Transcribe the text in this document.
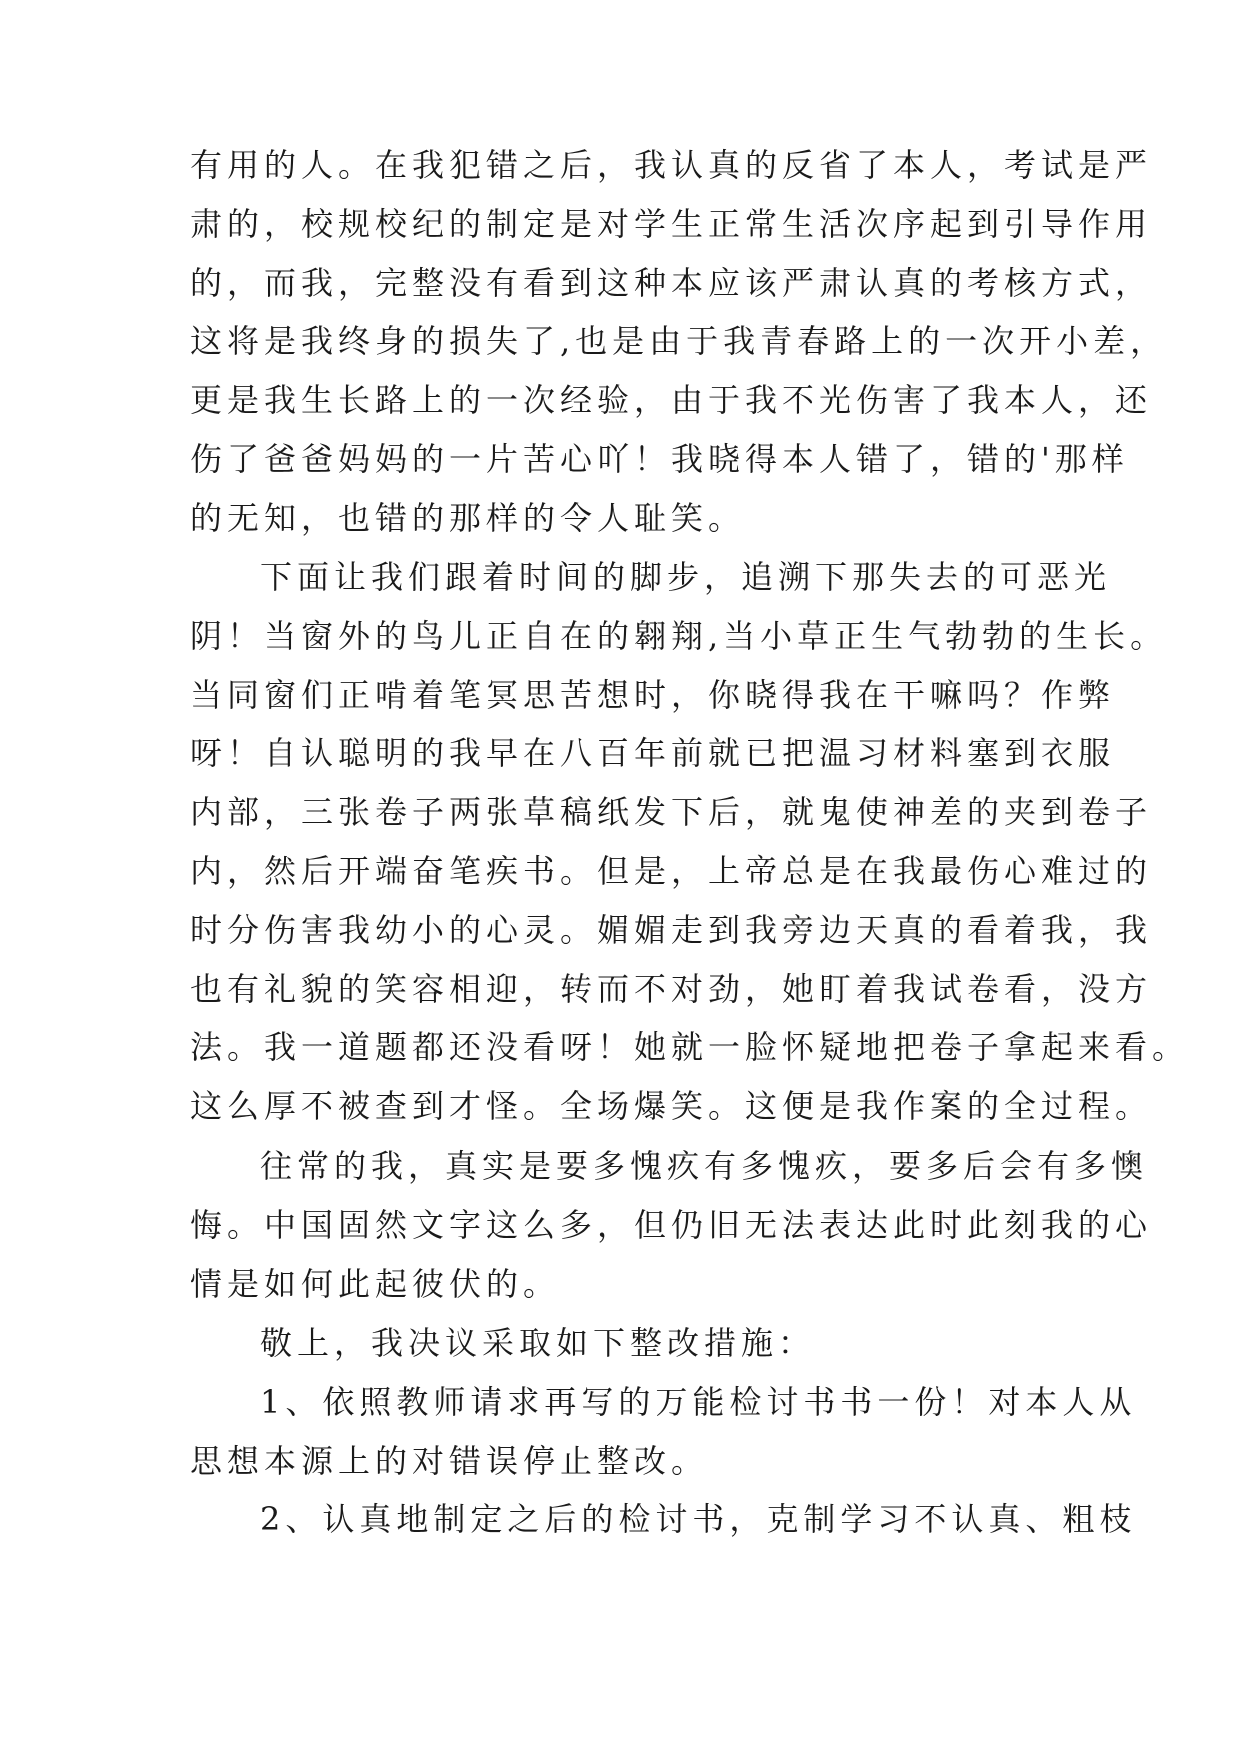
有用的人。在我犯错之后，我认真的反省了本人，考试是严
肃的，校规校纪的制定是对学生正常生活次序起到引导作用
的，而我，完整没有看到这种本应该严肃认真的考核方式，
这将是我终身的损失了,也是由于我青春路上的一次开小差，
更是我生长路上的一次经验，由于我不光伤害了我本人，还
伤了爸爸妈妈的一片苦心吖！我晓得本人错了，错的'那样
的无知，也错的那样的令人耻笑。
下面让我们跟着时间的脚步，追溯下那失去的可恶光
阴！当窗外的鸟儿正自在的翱翔,当小草正生气勃勃的生长。
当同窗们正啃着笔冥思苦想时，你晓得我在干嘛吗？作弊
呀！自认聪明的我早在八百年前就已把温习材料塞到衣服
内部，三张卷子两张草稿纸发下后，就鬼使神差的夹到卷子
内，然后开端奋笔疾书。但是，上帝总是在我最伤心难过的
时分伤害我幼小的心灵。媚媚走到我旁边天真的看着我，我
也有礼貌的笑容相迎，转而不对劲，她盯着我试卷看，没方
法。我一道题都还没看呀！她就一脸怀疑地把卷子拿起来看。
这么厚不被查到才怪。全场爆笑。这便是我作案的全过程。
往常的我，真实是要多愧疚有多愧疚，要多后会有多懊
悔。中国固然文字这么多，但仍旧无法表达此时此刻我的心
情是如何此起彼伏的。
敬上，我决议采取如下整改措施：
1、依照教师请求再写的万能检讨书书一份！对本人从
思想本源上的对错误停止整改。
2、认真地制定之后的检讨书，克制学习不认真、粗枝
